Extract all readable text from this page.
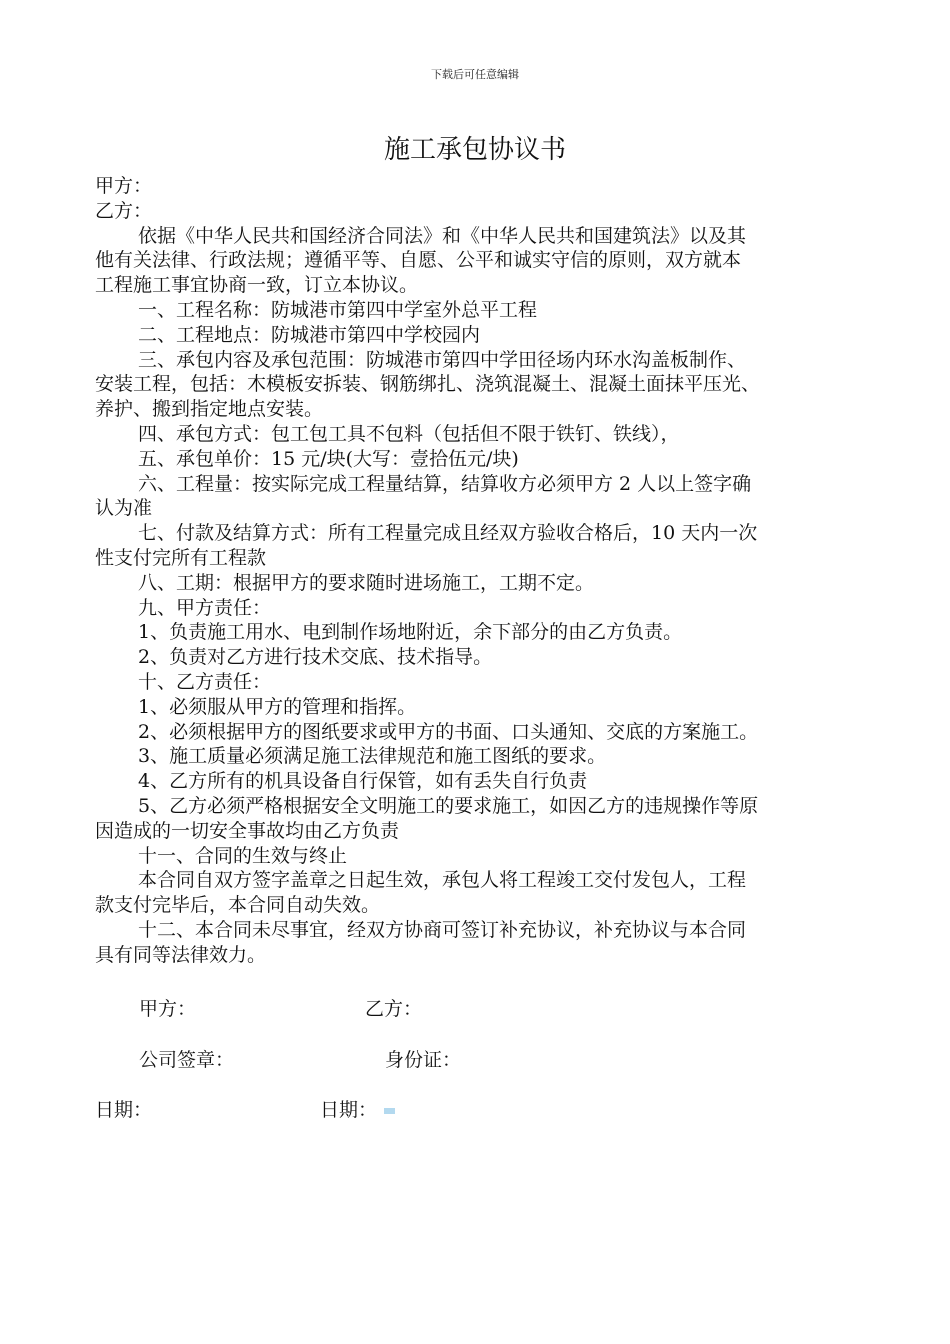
下载后可任意编辑
施工承包协议书
甲方：
乙方：
依据《中华人民共和国经济合同法》和《中华人民共和国建筑法》以及其
他有关法律、行政法规；遵循平等、自愿、公平和诚实守信的原则，双方就本
工程施工事宜协商一致，订立本协议。
一、工程名称：防城港市第四中学室外总平工程
二、工程地点：防城港市第四中学校园内
三、承包内容及承包范围：防城港市第四中学田径场内环水沟盖板制作、
安装工程，包括：木模板安拆装、钢筋绑扎、浇筑混凝土、混凝土面抹平压光、
养护、搬到指定地点安装。
四、承包方式：包工包工具不包料（包括但不限于铁钉、铁线），
五、承包单价：15 元/块(大写：壹拾伍元/块)
六、工程量：按实际完成工程量结算，结算收方必须甲方 2 人以上签字确
认为准
七、付款及结算方式：所有工程量完成且经双方验收合格后，10 天内一次
性支付完所有工程款
八、工期：根据甲方的要求随时进场施工，工期不定。
九、甲方责任：
1、负责施工用水、电到制作场地附近，余下部分的由乙方负责。
2、负责对乙方进行技术交底、技术指导。
十、乙方责任：
1、必须服从甲方的管理和指挥。
2、必须根据甲方的图纸要求或甲方的书面、口头通知、交底的方案施工。
3、施工质量必须满足施工法律规范和施工图纸的要求。
4、乙方所有的机具设备自行保管，如有丢失自行负责
5、乙方必须严格根据安全文明施工的要求施工，如因乙方的违规操作等原
因造成的一切安全事故均由乙方负责
十一、合同的生效与终止
本合同自双方签字盖章之日起生效，承包人将工程竣工交付发包人，工程
款支付完毕后，本合同自动失效。
十二、本合同未尽事宜，经双方协商可签订补充协议，补充协议与本合同
具有同等法律效力。
甲方：	乙方：
公司签章：	身份证：
日期：	日期：
